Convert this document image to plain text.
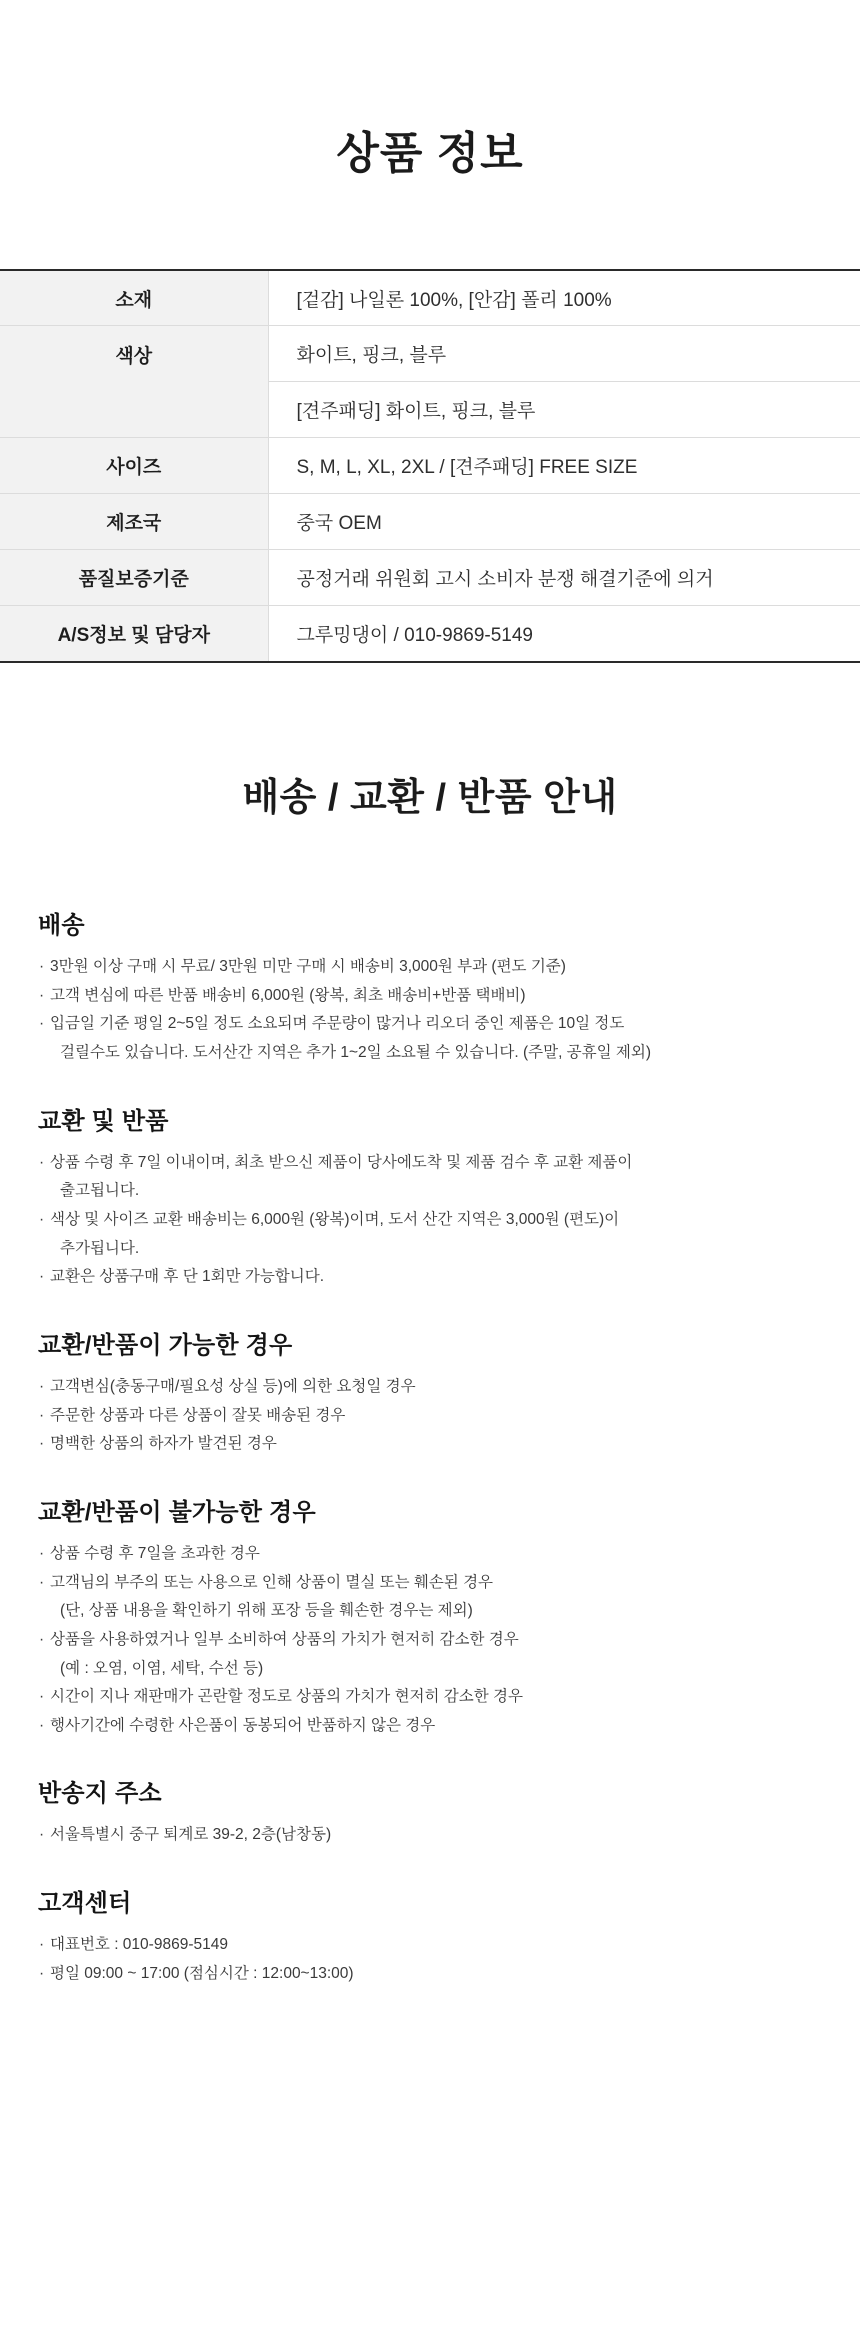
상품 정보
소재	[겉감] 나일론 100%, [안감] 폴리 100%
색상	화이트, 핑크, 블루
	[견주패딩] 화이트, 핑크, 블루
사이즈	S, M, L, XL, 2XL / [견주패딩] FREE SIZE
제조국	중국 OEM
품질보증기준	공정거래 위원회 고시 소비자 분쟁 해결기준에 의거
A/S정보 및 담당자	그루밍댕이 / 010-9869-5149
배송 / 교환 / 반품 안내
배송
· 3만원 이상 구매 시 무료/ 3만원 미만 구매 시 배송비 3,000원 부과 (편도 기준)
· 고객 변심에 따른 반품 배송비 6,000원 (왕복, 최초 배송비+반품 택배비)
· 입금일 기준 평일 2~5일 정도 소요되며 주문량이 많거나 리오더 중인 제품은 10일 정도
걸릴수도 있습니다. 도서산간 지역은 추가 1~2일 소요될 수 있습니다. (주말, 공휴일 제외)
교환 및 반품
· 상품 수령 후 7일 이내이며, 최초 받으신 제품이 당사에도착 및 제품 검수 후 교환 제품이
출고됩니다.
· 색상 및 사이즈 교환 배송비는 6,000원 (왕복)이며, 도서 산간 지역은 3,000원 (편도)이
추가됩니다.
· 교환은 상품구매 후 단 1회만 가능합니다.
교환/반품이 가능한 경우
· 고객변심(충동구매/필요성 상실 등)에 의한 요청일 경우
· 주문한 상품과 다른 상품이 잘못 배송된 경우
· 명백한 상품의 하자가 발견된 경우
교환/반품이 불가능한 경우
· 상품 수령 후 7일을 초과한 경우
· 고객님의 부주의 또는 사용으로 인해 상품이 멸실 또는 훼손된 경우
(단, 상품 내용을 확인하기 위해 포장 등을 훼손한 경우는 제외)
· 상품을 사용하였거나 일부 소비하여 상품의 가치가 현저히 감소한 경우
(예 : 오염, 이염, 세탁, 수선 등)
· 시간이 지나 재판매가 곤란할 정도로 상품의 가치가 현저히 감소한 경우
· 행사기간에 수령한 사은품이 동봉되어 반품하지 않은 경우
반송지 주소
· 서울특별시 중구 퇴계로 39-2, 2층(남창동)
고객센터
· 대표번호 : 010-9869-5149
· 평일 09:00 ~ 17:00 (점심시간 : 12:00~13:00)
